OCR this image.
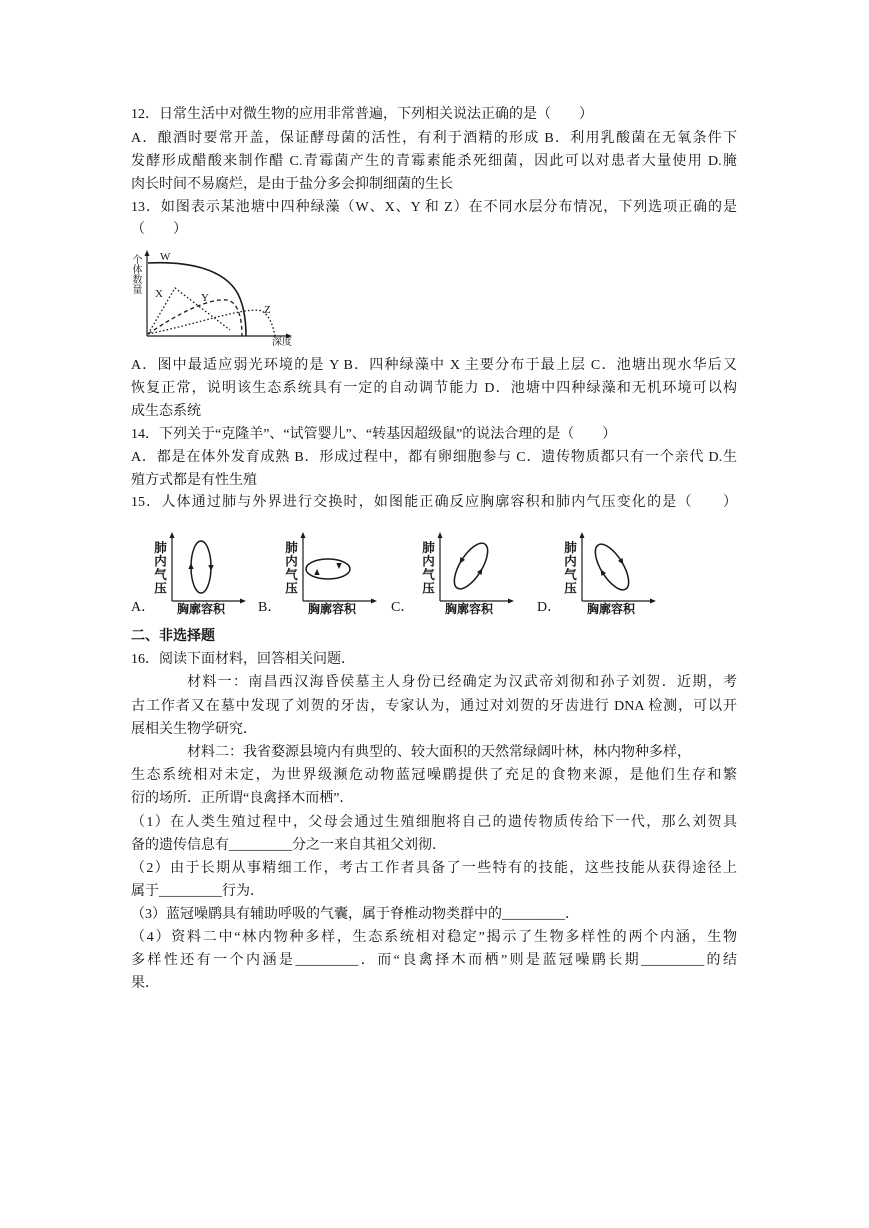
12．日常生活中对微生物的应用非常普遍，下列相关说法正确的是（　　）
A．酿酒时要常开盖，保证酵母菌的活性，有利于酒精的形成 B．利用乳酸菌在无氧条件下
发酵形成醋酸来制作醋 C.青霉菌产生的青霉素能杀死细菌，因此可以对患者大量使用 D.腌
肉长时间不易腐烂，是由于盐分多会抑制细菌的生长
13．如图表示某池塘中四种绿藻（W、X、Y 和 Z）在不同水层分布情况，下列选项正确的是
（　　）
个体数量 W
X	Y
Z
深度
A．图中最适应弱光环境的是 Y B．四种绿藻中 X 主要分布于最上层 C．池塘出现水华后又
恢复正常，说明该生态系统具有一定的自动调节能力 D．池塘中四种绿藻和无机环境可以构
成生态系统
14．下列关于“克隆羊”、“试管婴儿”、“转基因超级鼠”的说法合理的是（　　）
A．都是在体外发育成熟 B．形成过程中，都有卵细胞参与 C．遗传物质都只有一个亲代 D.生
殖方式都是有性生殖
15．人体通过肺与外界进行交换时，如图能正确反应胸廓容积和肺内气压变化的是（　　）
A．
肺内气压
胸廓容积 B．
肺内气压
胸廓容积 C．
肺内气压
胸廓容积	D．
肺内气压
胸廓容积
二、非选择题
16．阅读下面材料，回答相关问题．
材料一：南昌西汉海昏侯墓主人身份已经确定为汉武帝刘彻和孙子刘贺．近期，考
古工作者又在墓中发现了刘贺的牙齿，专家认为，通过对刘贺的牙齿进行 DNA 检测，可以开
展相关生物学研究．
材料二：我省婺源县境内有典型的、较大面积的天然常绿阔叶林，林内物种多样，
生态系统相对未定，为世界级濒危动物蓝冠噪鹛提供了充足的食物来源，是他们生存和繁
衍的场所．正所谓“良禽择木而栖”．
（1）在人类生殖过程中，父母会通过生殖细胞将自己的遗传物质传给下一代，那么刘贺具
备的遗传信息有_________分之一来自其祖父刘彻．
（2）由于长期从事精细工作，考古工作者具备了一些特有的技能，这些技能从获得途径上
属于_________行为．
（3）蓝冠噪鹛具有辅助呼吸的气囊，属于脊椎动物类群中的_________．
（4）资料二中“林内物种多样，生态系统相对稳定”揭示了生物多样性的两个内涵，生物
多样性还有一个内涵是_________．而“良禽择木而栖”则是蓝冠噪鹛长期_________的结
果．
